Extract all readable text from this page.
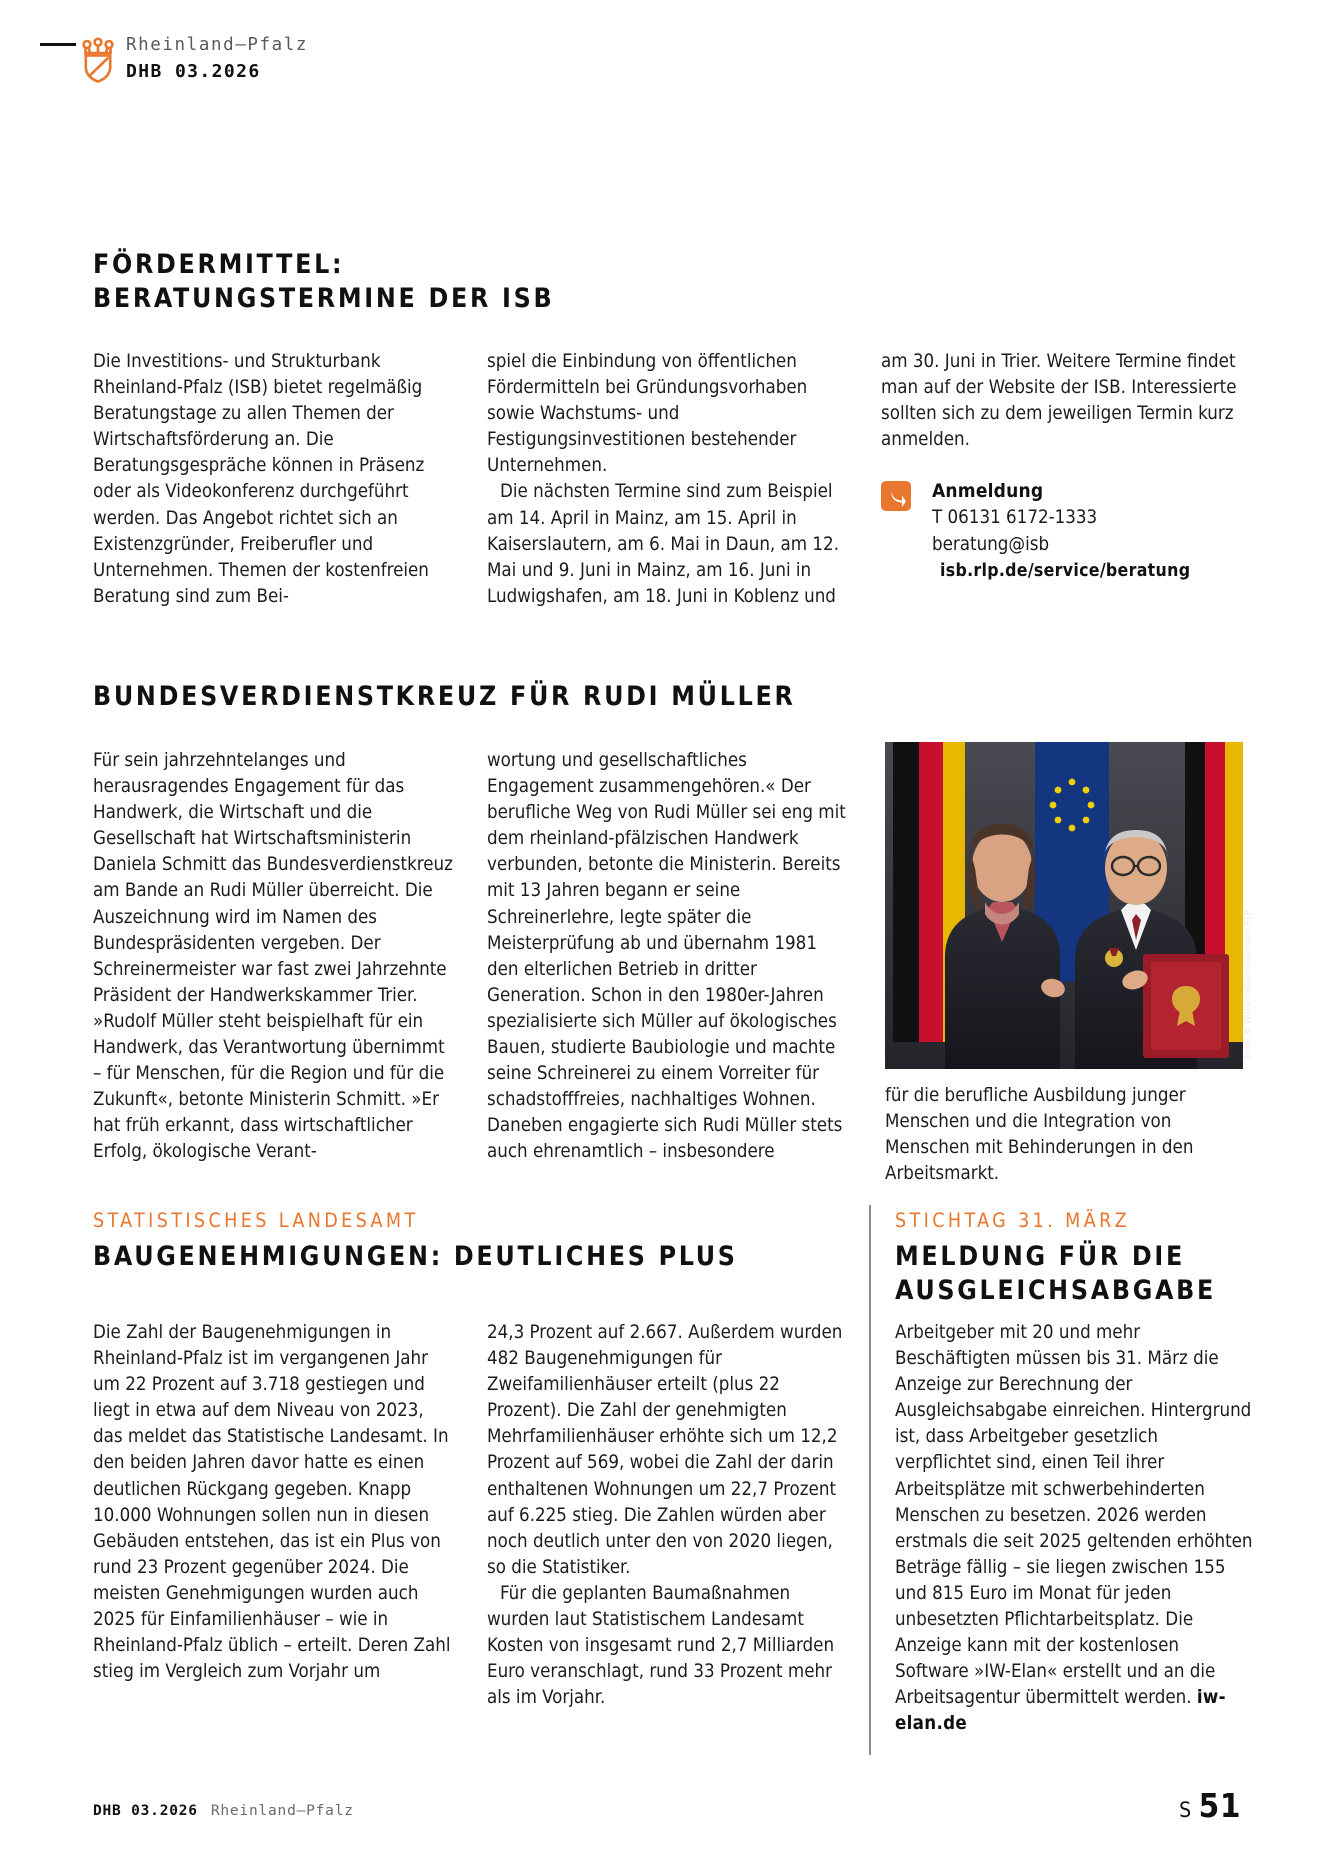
Rheinland–Pfalz
DHB 03.2026
FÖRDERMITTEL:
BERATUNGSTERMINE DER ISB

Die Investitions- und Strukturbank Rheinland-Pfalz (ISB) bietet regelmäßig Beratungstage zu allen Themen der Wirtschaftsförderung an. Die Beratungsgespräche können in Präsenz oder als Videokonferenz durchgeführt werden. Das Angebot richtet sich an Existenzgründer, Freiberufler und Unternehmen. Themen der kostenfreien Beratung sind zum Bei-

spiel die Einbindung von öffentlichen Fördermitteln bei Gründungsvorhaben sowie Wachstums- und Festigungsinvestitionen bestehender Unternehmen.

Die nächsten Termine sind zum Beispiel am 14. April in Mainz, am 15. April in Kaiserslautern, am 6. Mai in Daun, am 12. Mai und 9. Juni in Mainz, am 16. Juni in Ludwigshafen, am 18. Juni in Koblenz und

am 30. Juni in Trier. Weitere Termine findet man auf der Website der ISB. Interessierte sollten sich zu dem jeweiligen Termin kurz anmelden.

Anmeldung
T 06131 6172-1333
beratung@isb
isb.rlp.de/service/beratung
BUNDESVERDIENSTKREUZ FÜR RUDI MÜLLER

Für sein jahrzehntelanges und herausragendes Engagement für das Handwerk, die Wirtschaft und die Gesellschaft hat Wirtschaftsministerin Daniela Schmitt das Bundesverdienstkreuz am Bande an Rudi Müller überreicht. Die Auszeichnung wird im Namen des Bundespräsidenten vergeben. Der Schreinermeister war fast zwei Jahrzehnte Präsident der Handwerkskammer Trier. »Rudolf Müller steht beispielhaft für ein Handwerk, das Verantwortung übernimmt – für Menschen, für die Region und für die Zukunft«, betonte Ministerin Schmitt. »Er hat früh erkannt, dass wirtschaftlicher Erfolg, ökologische Verant-

wortung und gesellschaftliches Engagement zusammengehören.« Der berufliche Weg von Rudi Müller sei eng mit dem rheinland-pfälzischen Handwerk verbunden, betonte die Ministerin. Bereits mit 13 Jahren begann er seine Schreinerlehre, legte später die Meisterprüfung ab und übernahm 1981 den elterlichen Betrieb in dritter Generation. Schon in den 1980er-Jahren spezialisierte sich Müller auf ökologisches Bauen, studierte Baubiologie und machte seine Schreinerei zu einem Vorreiter für schadstofffreies, nachhaltiges Wohnen. Daneben engagierte sich Rudi Müller stets auch ehrenamtlich – insbesondere

Foto: © Wirtschaftsministerium RLP
für die berufliche Ausbildung junger Menschen und die Integration von Menschen mit Behinderungen in den Arbeitsmarkt.
STATISTISCHES LANDESAMT
BAUGENEHMIGUNGEN: DEUTLICHES PLUS

Die Zahl der Baugenehmigungen in Rheinland-Pfalz ist im vergangenen Jahr um 22 Prozent auf 3.718 gestiegen und liegt in etwa auf dem Niveau von 2023, das meldet das Statistische Landesamt. In den beiden Jahren davor hatte es einen deutlichen Rückgang gegeben. Knapp 10.000 Wohnungen sollen nun in diesen Gebäuden entstehen, das ist ein Plus von rund 23 Prozent gegenüber 2024. Die meisten Genehmigungen wurden auch 2025 für Einfamilienhäuser – wie in Rheinland-Pfalz üblich – erteilt. Deren Zahl stieg im Vergleich zum Vorjahr um

24,3 Prozent auf 2.667. Außerdem wurden 482 Baugenehmigungen für Zweifamilienhäuser erteilt (plus 22 Prozent). Die Zahl der genehmigten Mehrfamilienhäuser erhöhte sich um 12,2 Prozent auf 569, wobei die Zahl der darin enthaltenen Wohnungen um 22,7 Prozent auf 6.225 stieg. Die Zahlen würden aber noch deutlich unter den von 2020 liegen, so die Statistiker.

Für die geplanten Baumaßnahmen wurden laut Statistischem Landesamt Kosten von insgesamt rund 2,7 Milliarden Euro veranschlagt, rund 33 Prozent mehr als im Vorjahr.

STICHTAG 31. MÄRZ
MELDUNG FÜR DIE
AUSGLEICHSABGABE

Arbeitgeber mit 20 und mehr Beschäftigten müssen bis 31. März die Anzeige zur Berechnung der Ausgleichsabgabe einreichen. Hintergrund ist, dass Arbeitgeber gesetzlich verpflichtet sind, einen Teil ihrer Arbeitsplätze mit schwerbehinderten Menschen zu besetzen. 2026 werden erstmals die seit 2025 geltenden erhöhten Beträge fällig – sie liegen zwischen 155 und 815 Euro im Monat für jeden unbesetzten Pflichtarbeitsplatz. Die Anzeige kann mit der kostenlosen Software »IW-Elan« erstellt und an die Arbeitsagentur übermittelt werden. iw-elan.de

DHB 03.2026 Rheinland–Pfalz	S 51
